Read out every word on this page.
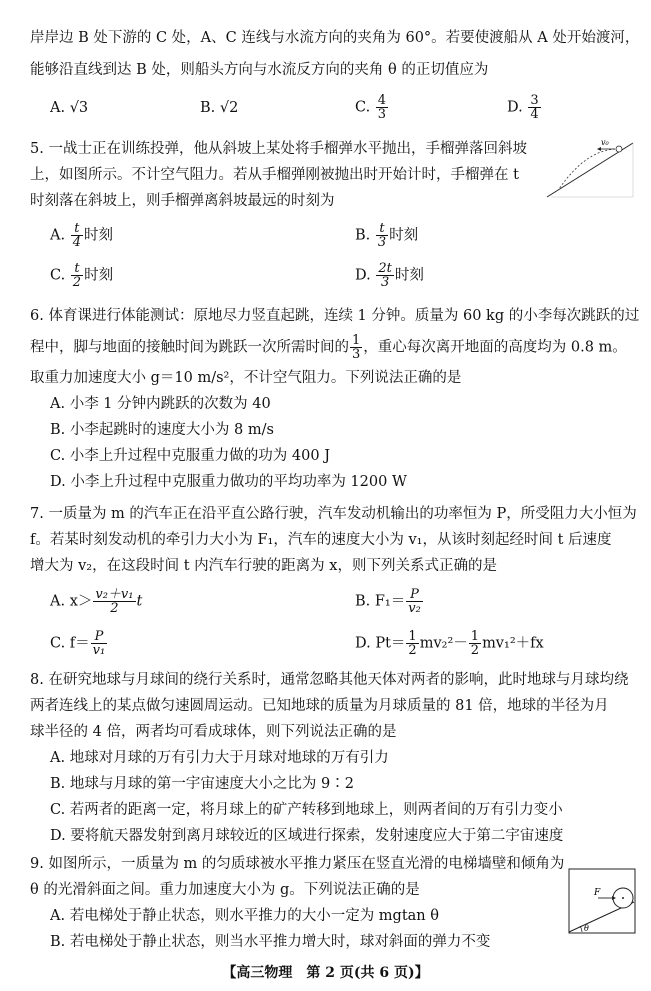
岸岸边 B 处下游的 C 处，A、C 连线与水流方向的夹角为 60°。若要使渡船从 A 处开始渡河，
能够沿直线到达 B 处，则船头方向与水流反方向的夹角 θ 的正切值应为
A. √3	B. √2	C. $\frac{4}{3}$	D. $\frac{3}{4}$
5. 一战士正在训练投弹，他从斜坡上某处将手榴弹水平抛出，手榴弹落回斜坡
上，如图所示。不计空气阻力。若从手榴弹刚被抛出时开始计时，手榴弹在 t
时刻落在斜坡上，则手榴弹离斜坡最远的时刻为
v₀
A. $\frac{t}{4}$ 时刻	B. $\frac{t}{3}$ 时刻
C. $\frac{t}{2}$ 时刻	D. $\frac{2t}{3}$ 时刻
6. 体育课进行体能测试：原地尽力竖直起跳，连续 1 分钟。质量为 60 kg 的小李每次跳跃的过
程中，脚与地面的接触时间为跳跃一次所需时间的 $\frac{1}{3}$ ，重心每次离开地面的高度均为 0.8 m。
取重力加速度大小 g＝10 m/s²，不计空气阻力。下列说法正确的是
A. 小李 1 分钟内跳跃的次数为 40
B. 小李起跳时的速度大小为 8 m/s
C. 小李上升过程中克服重力做的功为 400 J
D. 小李上升过程中克服重力做功的平均功率为 1200 W
7. 一质量为 m 的汽车正在沿平直公路行驶，汽车发动机输出的功率恒为 P，所受阻力大小恒为
f。若某时刻发动机的牵引力大小为 F₁，汽车的速度大小为 v₁，从该时刻起经时间 t 后速度
增大为 v₂，在这段时间 t 内汽车行驶的距离为 x，则下列关系式正确的是
A. $x> \frac{\text{v₂＋v₁}}{2}$ t	B. $F_1= \frac{P}{\text{v₂}}$
C. $f= \frac{P}{\text{v₁}}$	D. $Pt= \frac{1}{2} mv_2^2- \frac{1}{2} mv_1^2+fx$
8. 在研究地球与月球间的绕行关系时，通常忽略其他天体对两者的影响，此时地球与月球均绕
两者连线上的某点做匀速圆周运动。已知地球的质量为月球质量的 81 倍，地球的半径为月
球半径的 4 倍，两者均可看成球体，则下列说法正确的是
A. 地球对月球的万有引力大于月球对地球的万有引力
B. 地球与月球的第一宇宙速度大小之比为 9∶2
C. 若两者的距离一定，将月球上的矿产转移到地球上，则两者间的万有引力变小
D. 要将航天器发射到离月球较近的区域进行探索，发射速度应大于第二宇宙速度
9. 如图所示，一质量为 m 的匀质球被水平推力紧压在竖直光滑的电梯墙壁和倾角为
θ 的光滑斜面之间。重力加速度大小为 g。下列说法正确的是
A. 若电梯处于静止状态，则水平推力的大小一定为 mgtan θ
B. 若电梯处于静止状态，则当水平推力增大时，球对斜面的弹力不变
F
θ
【高三物理　第 2 页(共 6 页)】
